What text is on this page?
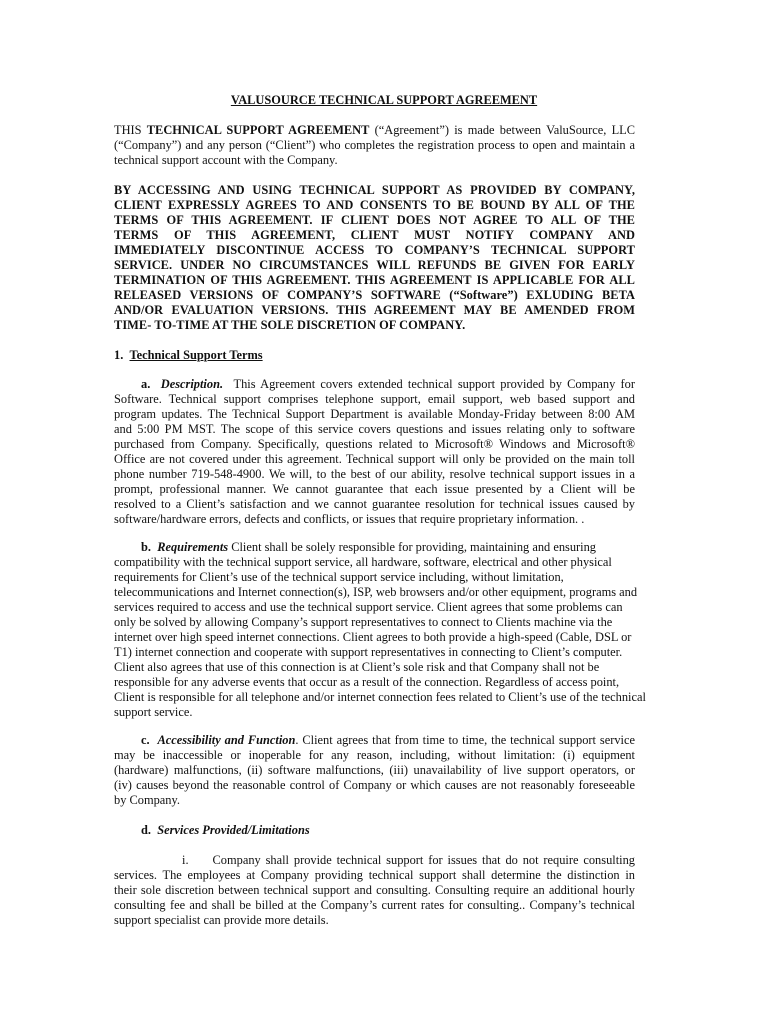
VALUSOURCE TECHNICAL SUPPORT AGREEMENT
THIS TECHNICAL SUPPORT AGREEMENT (“Agreement”) is made between ValuSource, LLC
(“Company”) and any person (“Client”) who completes the registration process to open and maintain a
technical support account with the Company.
BY ACCESSING AND USING TECHNICAL SUPPORT AS PROVIDED BY COMPANY,
CLIENT EXPRESSLY AGREES TO AND CONSENTS TO BE BOUND BY ALL OF THE
TERMS OF THIS AGREEMENT. IF CLIENT DOES NOT AGREE TO ALL OF THE
TERMS OF THIS AGREEMENT, CLIENT MUST NOTIFY COMPANY AND
IMMEDIATELY DISCONTINUE ACCESS TO COMPANY’S TECHNICAL SUPPORT
SERVICE. UNDER NO CIRCUMSTANCES WILL REFUNDS BE GIVEN FOR EARLY
TERMINATION OF THIS AGREEMENT. THIS AGREEMENT IS APPLICABLE FOR ALL
RELEASED VERSIONS OF COMPANY’S SOFTWARE (“Software”) EXLUDING BETA
AND/OR EVALUATION VERSIONS. THIS AGREEMENT MAY BE AMENDED FROM
TIME- TO-TIME AT THE SOLE DISCRETION OF COMPANY.
1. Technical Support Terms
a. Description. This Agreement covers extended technical support provided by Company for
Software. Technical support comprises telephone support, email support, web based support and
program updates. The Technical Support Department is available Monday-Friday between 8:00 AM
and 5:00 PM MST. The scope of this service covers questions and issues relating only to software
purchased from Company. Specifically, questions related to Microsoft® Windows and Microsoft®
Office are not covered under this agreement. Technical support will only be provided on the main toll
phone number 719-548-4900. We will, to the best of our ability, resolve technical support issues in a
prompt, professional manner. We cannot guarantee that each issue presented by a Client will be
resolved to a Client’s satisfaction and we cannot guarantee resolution for technical issues caused by
software/hardware errors, defects and conflicts, or issues that require proprietary information. .
b. Requirements Client shall be solely responsible for providing, maintaining and ensuring
compatibility with the technical support service, all hardware, software, electrical and other physical
requirements for Client’s use of the technical support service including, without limitation,
telecommunications and Internet connection(s), ISP, web browsers and/or other equipment, programs and
services required to access and use the technical support service. Client agrees that some problems can
only be solved by allowing Company’s support representatives to connect to Clients machine via the
internet over high speed internet connections. Client agrees to both provide a high-speed (Cable, DSL or
T1) internet connection and cooperate with support representatives in connecting to Client’s computer.
Client also agrees that use of this connection is at Client’s sole risk and that Company shall not be
responsible for any adverse events that occur as a result of the connection. Regardless of access point,
Client is responsible for all telephone and/or internet connection fees related to Client’s use of the technical
support service.
c. Accessibility and Function. Client agrees that from time to time, the technical support service
may be inaccessible or inoperable for any reason, including, without limitation: (i) equipment
(hardware) malfunctions, (ii) software malfunctions, (iii) unavailability of live support operators, or
(iv) causes beyond the reasonable control of Company or which causes are not reasonably foreseeable
by Company.
d. Services Provided/Limitations
i. Company shall provide technical support for issues that do not require consulting
services. The employees at Company providing technical support shall determine the distinction in
their sole discretion between technical support and consulting. Consulting require an additional hourly
consulting fee and shall be billed at the Company’s current rates for consulting.. Company’s technical
support specialist can provide more details.
